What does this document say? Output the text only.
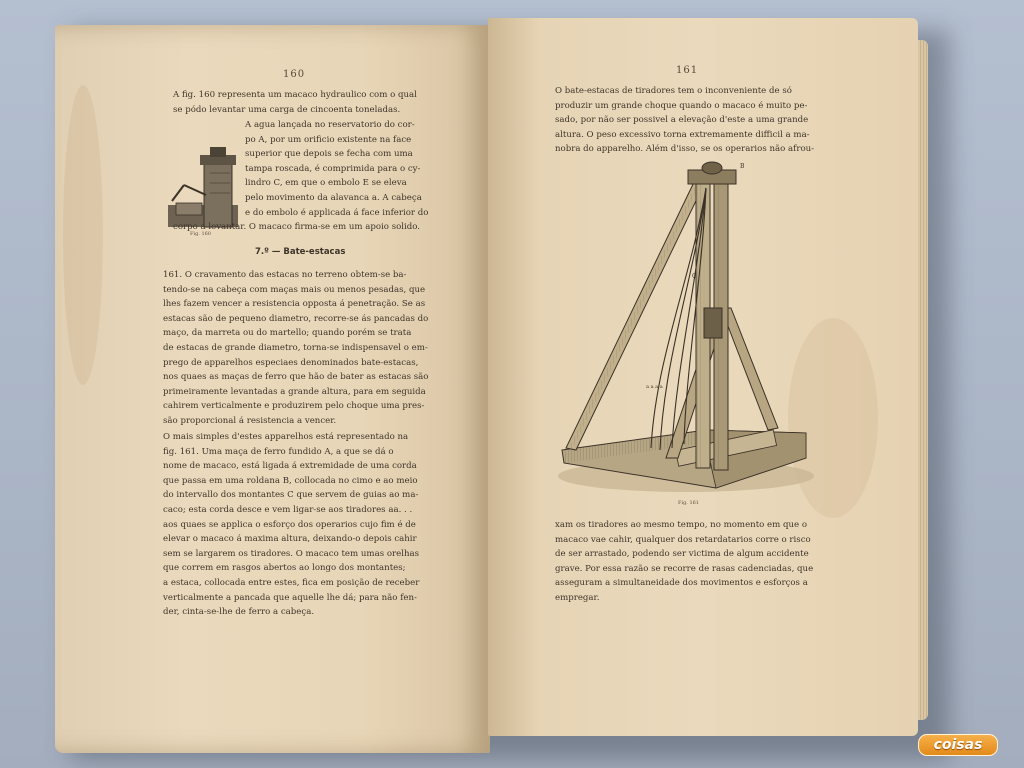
160

A fig. 160 representa um macaco hydraulico com o qual

se pódo levantar uma carga de cincoenta toneladas.

Fig. 160

A agua lançada no reservatorio do cor-

po A, por um orificio existente na face

superior que depois se fecha com uma

tampa roscada, é comprimida para o cy-

lindro C, em que o embolo E se eleva

pelo movimento da alavanca a. A cabeça

e do embolo é applicada á face inferior do

corpo a levantar. O macaco firma-se em um apoio solido.

7.º — Bate-estacas

161. O cravamento das estacas no terreno obtem-se ba-

tendo-se na cabeça com maças mais ou menos pesadas, que

lhes fazem vencer a resistencia opposta á penetração. Se as

estacas são de pequeno diametro, recorre-se ás pancadas do

maço, da marreta ou do martello; quando porém se trata

de estacas de grande diametro, torna-se indispensavel o em-

prego de apparelhos especiaes denominados bate-estacas,

nos quaes as maças de ferro que hão de bater as estacas são

primeiramente levantadas a grande altura, para em seguida

cahirem verticalmente e produzirem pelo choque uma pres-

são proporcional á resistencia a vencer.

O mais simples d'estes apparelhos está representado na

fig. 161. Uma maça de ferro fundido A, a que se dá o

nome de macaco, está ligada á extremidade de uma corda

que passa em uma roldana B, collocada no cimo e ao meio

do intervallo dos montantes C que servem de guias ao ma-

caco; esta corda desce e vem ligar-se aos tiradores aa. . .

aos quaes se applica o esforço dos operarios cujo fim é de

elevar o macaco á maxima altura, deixando-o depois cahir

sem se largarem os tiradores. O macaco tem umas orelhas

que correm em rasgos abertos ao longo dos montantes;

a estaca, collocada entre estes, fica em posição de receber

verticalmente a pancada que aquelle lhe dá; para não fen-

der, cinta-se-lhe de ferro a cabeça.

161

O bate-estacas de tiradores tem o inconveniente de só

produzir um grande choque quando o macaco é muito pe-

sado, por não ser possivel a elevação d'este a uma grande

altura. O peso excessivo torna extremamente difficil a ma-

nobra do apparelho. Além d'isso, se os operarios não afrou-

B
C
a a a a
Fig. 161

xam os tiradores ao mesmo tempo, no momento em que o

macaco vae cahir, qualquer dos retardatarios corre o risco

de ser arrastado, podendo ser victima de algum accidente

grave. Por essa razão se recorre de rasas cadenciadas, que

asseguram a simultaneidade dos movimentos e esforços a

empregar.

coisas
